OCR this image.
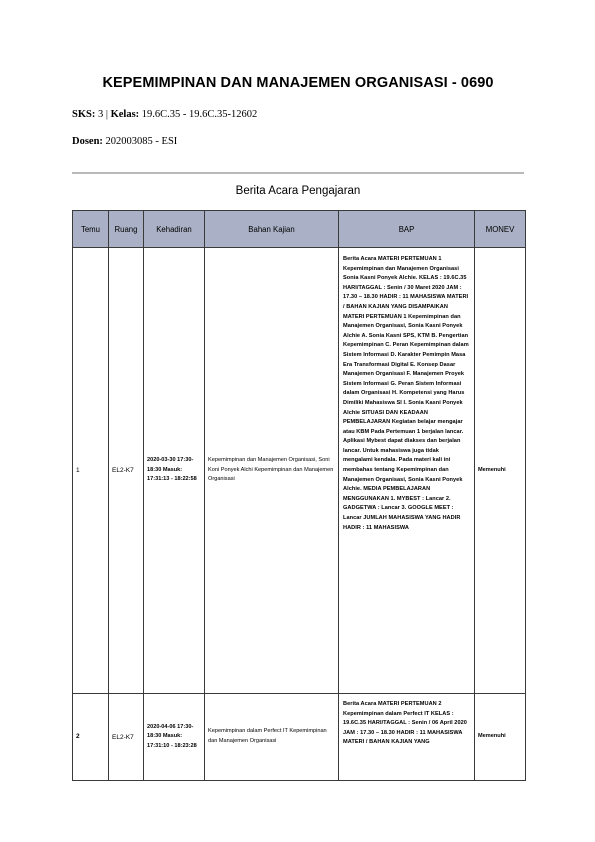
KEPEMIMPINAN DAN MANAJEMEN ORGANISASI - 0690
SKS: 3 | Kelas: 19.6C.35 - 19.6C.35-12602
Dosen: 202003085 - ESI
Berita Acara Pengajaran
Temu	Ruang	Kehadiran	Bahan Kajian	BAP	MONEV
1	EL2-K7	2020-03-30 17:30-18:30 Masuk: 17:31:13 - 18:22:58	Kepemimpinan dan Manajemen Organisasi, Soni Koni Ponyek Alchi Kepemimpinan dan Manajemen Organisasi	Berita Acara MATERI PERTEMUAN 1 Kepemimpinan dan Manajemen Organisasi Sonia Kasni Ponyek Alchie. KELAS : 19.6C.35 HARI/TAGGAL : Senin / 30 Maret 2020 JAM : 17.30 – 18.30 HADIR : 11 MAHASISWA MATERI / BAHAN KAJIAN YANG DISAMPAIKAN MATERI PERTEMUAN 1 Kepemimpinan dan Manajemen Organisasi, Sonia Kasni Ponyek Alchie A. Sonia Kasni SPS, KTM B. Pengertian Kepemimpinan C. Peran Kepemimpinan dalam Sistem Informasi D. Karakter Pemimpin Masa Era Transformasi Digital E. Konsep Dasar Manajemen Organisasi F. Manajemen Proyek Sistem Informasi G. Peran Sistem Informasi dalam Organisasi H. Kompetensi yang Harus Dimiliki Mahasiswa SI I. Sonia Kasni Ponyek Alchie SITUASI DAN KEADAAN PEMBELAJARAN Kegiatan belajar mengajar atau KBM Pada Pertemuan 1 berjalan lancar. Aplikasi Mybest dapat diakses dan berjalan lancar. Untuk mahasiswa juga tidak mengalami kendala. Pada materi kali ini membahas tentang Kepemimpinan dan Manajemen Organisasi, Sonia Kasni Ponyek Alchie. MEDIA PEMBELAJARAN MENGGUNAKAN 1. MYBEST : Lancar 2. GADGETWA : Lancar 3. GOOGLE MEET : Lancar JUMLAH MAHASISWA YANG HADIR HADIR : 11 MAHASISWA	Memenuhi
2	EL2-K7	2020-04-06 17:30-18:30 Masuk: 17:31:10 - 18:23:28	Kepemimpinan dalam Perfect IT Kepemimpinan dan Manajemen Organisasi	Berita Acara MATERI PERTEMUAN 2 Kepemimpinan dalam Perfect IT KELAS : 19.6C.35 HARI/TAGGAL : Senin / 06 April 2020 JAM : 17.30 – 18.30 HADIR : 11 MAHASISWA MATERI / BAHAN KAJIAN YANG	Memenuhi
